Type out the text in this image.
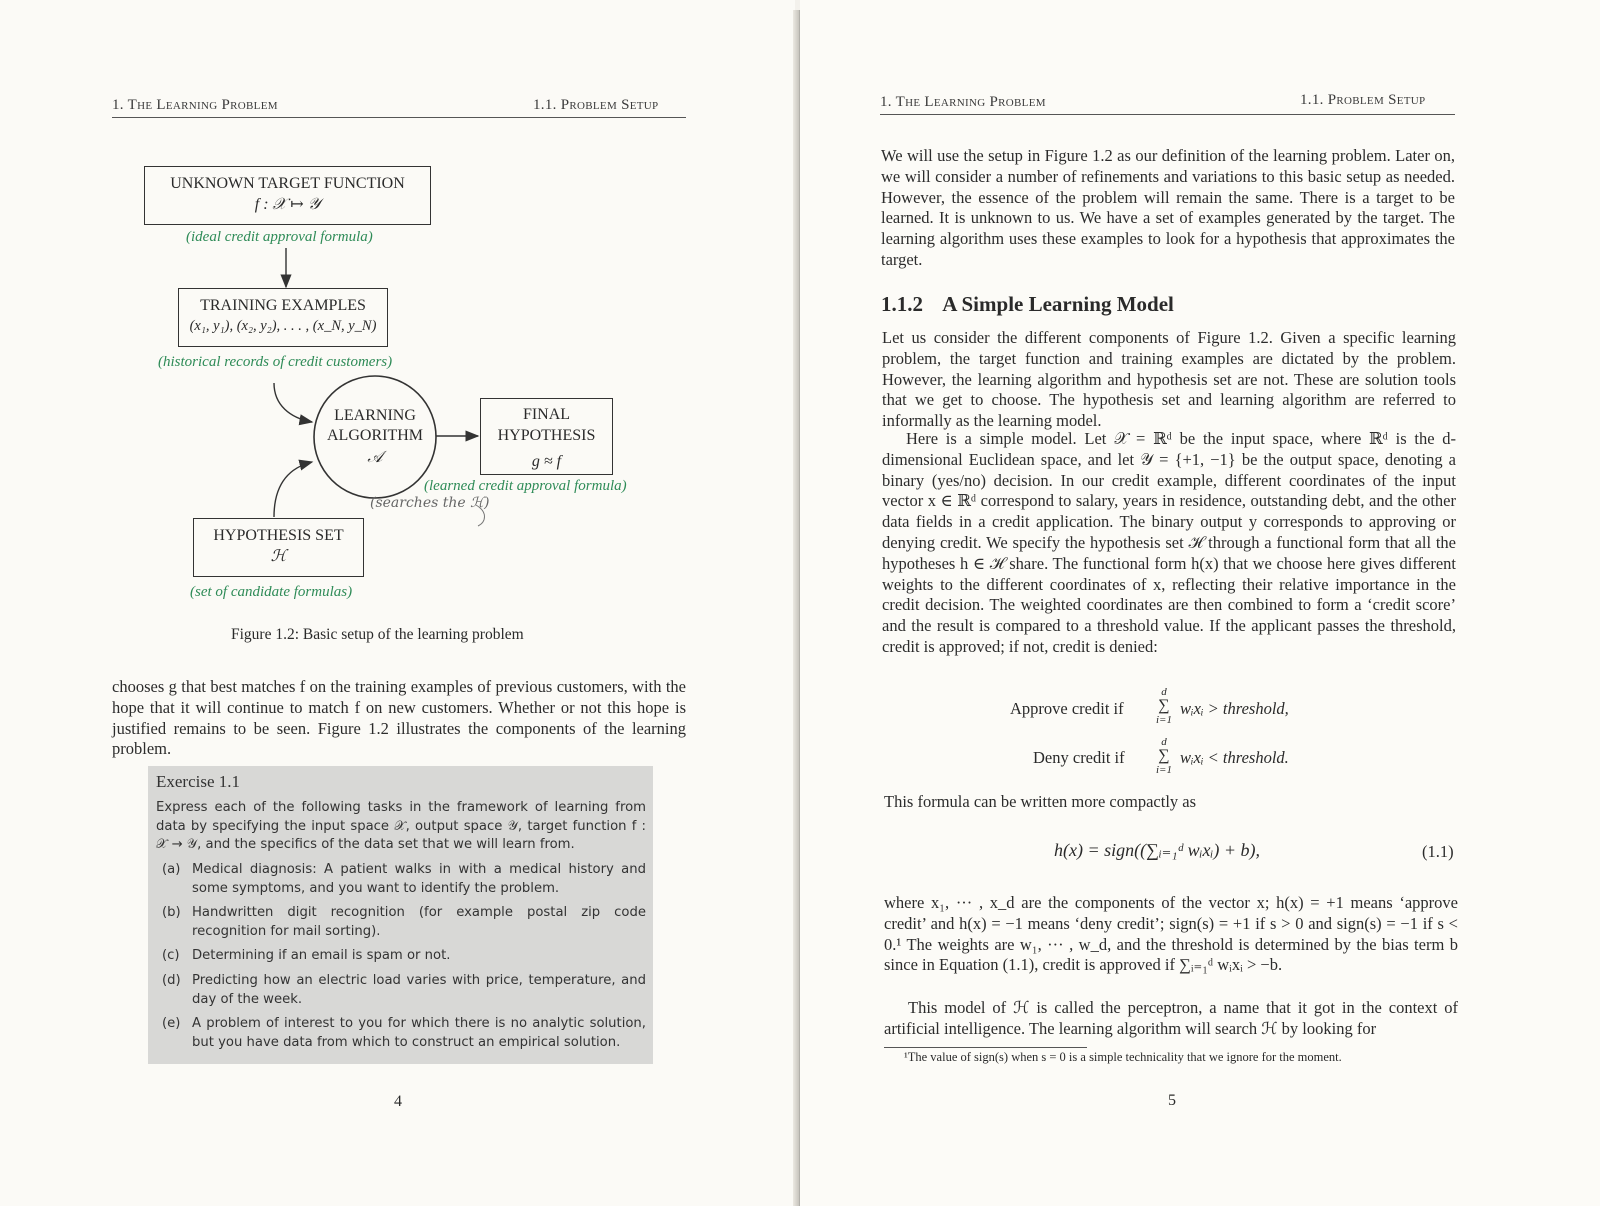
1. The Learning Problem	1.1. Problem Setup
UNKNOWN TARGET FUNCTION
f : 𝒳 ↦ 𝒴
(ideal credit approval formula)
TRAINING EXAMPLES
(x₁, y₁), (x₂, y₂), . . . , (x_N, y_N)
(historical records of credit customers)
LEARNING
ALGORITHM
𝒜
FINAL
HYPOTHESIS
g ≈ f
(learned credit approval formula)
(searches the ℋ)
HYPOTHESIS SET
ℋ
(set of candidate formulas)
Figure 1.2: Basic setup of the learning problem
chooses g that best matches f on the training examples of previous customers, with the hope that it will continue to match f on new customers. Whether or not this hope is justified remains to be seen. Figure 1.2 illustrates the components of the learning problem.
Exercise 1.1
Express each of the following tasks in the framework of learning from data by specifying the input space 𝒳, output space 𝒴, target function f : 𝒳 → 𝒴, and the specifics of the data set that we will learn from.
(a) Medical diagnosis: A patient walks in with a medical history and some symptoms, and you want to identify the problem.
(b) Handwritten digit recognition (for example postal zip code recognition for mail sorting).
(c) Determining if an email is spam or not.
(d) Predicting how an electric load varies with price, temperature, and day of the week.
(e) A problem of interest to you for which there is no analytic solution, but you have data from which to construct an empirical solution.
4
1. The Learning Problem	1.1. Problem Setup
We will use the setup in Figure 1.2 as our definition of the learning problem. Later on, we will consider a number of refinements and variations to this basic setup as needed. However, the essence of the problem will remain the same. There is a target to be learned. It is unknown to us. We have a set of examples generated by the target. The learning algorithm uses these examples to look for a hypothesis that approximates the target.
1.1.2 A Simple Learning Model
Let us consider the different components of Figure 1.2. Given a specific learning problem, the target function and training examples are dictated by the problem. However, the learning algorithm and hypothesis set are not. These are solution tools that we get to choose. The hypothesis set and learning algorithm are referred to informally as the learning model.
Here is a simple model. Let 𝒳 = ℝᵈ be the input space, where ℝᵈ is the d-dimensional Euclidean space, and let 𝒴 = {+1, −1} be the output space, denoting a binary (yes/no) decision. In our credit example, different coordinates of the input vector x ∈ ℝᵈ correspond to salary, years in residence, outstanding debt, and the other data fields in a credit application. The binary output y corresponds to approving or denying credit. We specify the hypothesis set ℋ through a functional form that all the hypotheses h ∈ ℋ share. The functional form h(x) that we choose here gives different weights to the different coordinates of x, reflecting their relative importance in the credit decision. The weighted coordinates are then combined to form a ‘credit score’ and the result is compared to a threshold value. If the applicant passes the threshold, credit is approved; if not, credit is denied:
Approve credit if
d
∑
i=1
wᵢxᵢ > threshold,
Deny credit if
d
∑
i=1
wᵢxᵢ < threshold.
This formula can be written more compactly as
h(x) = sign((∑ᵢ₌₁ᵈ wᵢxᵢ) + b),	(1.1)
where x₁, ··· , x_d are the components of the vector x; h(x) = +1 means ‘approve credit’ and h(x) = −1 means ‘deny credit’; sign(s) = +1 if s > 0 and sign(s) = −1 if s < 0.¹ The weights are w₁, ··· , w_d, and the threshold is determined by the bias term b since in Equation (1.1), credit is approved if ∑ᵢ₌₁ᵈ wᵢxᵢ > −b.
This model of ℋ is called the perceptron, a name that it got in the context of artificial intelligence. The learning algorithm will search ℋ by looking for
¹The value of sign(s) when s = 0 is a simple technicality that we ignore for the moment.
5
